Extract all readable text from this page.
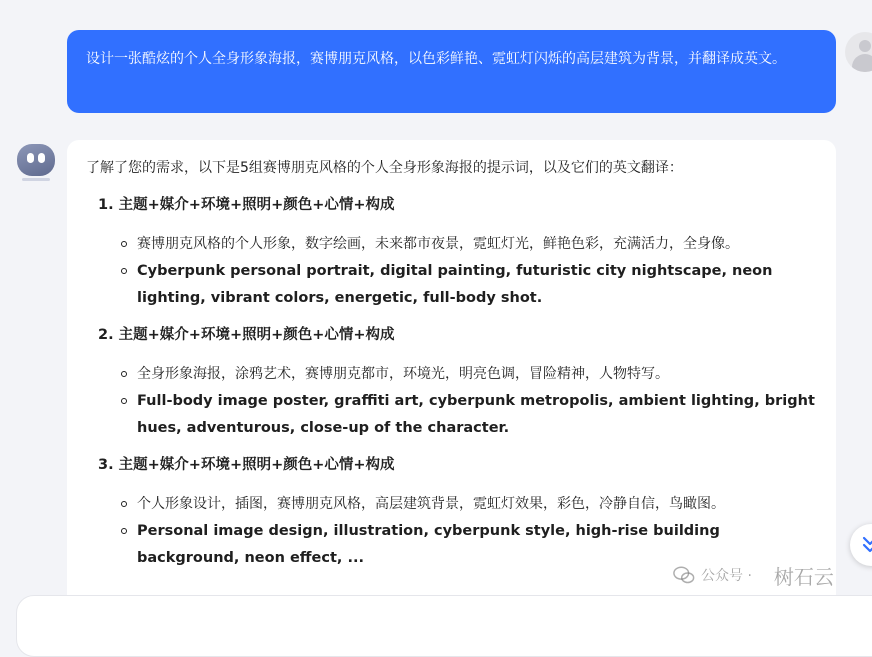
设计一张酷炫的个人全身形象海报，赛博朋克风格，以色彩鲜艳、霓虹灯闪烁的高层建筑为背景，并翻译成英文。

了解了您的需求，以下是5组赛博朋克风格的个人全身形象海报的提示词，以及它们的英文翻译：

1. 主题+媒介+环境+照明+颜色+心情+构成
赛博朋克风格的个人形象，数字绘画，未来都市夜景，霓虹灯光，鲜艳色彩，充满活力，全身像。
Cyberpunk personal portrait, digital painting, futuristic city nightscape, neon lighting, vibrant colors, energetic, full-body shot.
2. 主题+媒介+环境+照明+颜色+心情+构成
全身形象海报，涂鸦艺术，赛博朋克都市，环境光，明亮色调，冒险精神，人物特写。
Full-body image poster, graffiti art, cyberpunk metropolis, ambient lighting, bright hues, adventurous, close-up of the character.
3. 主题+媒介+环境+照明+颜色+心情+构成
个人形象设计，插图，赛博朋克风格，高层建筑背景，霓虹灯效果，彩色，冷静自信，鸟瞰图。
Personal image design, illustration, cyberpunk style, high-rise building background, neon effect, ...
公众号 · 树石云
